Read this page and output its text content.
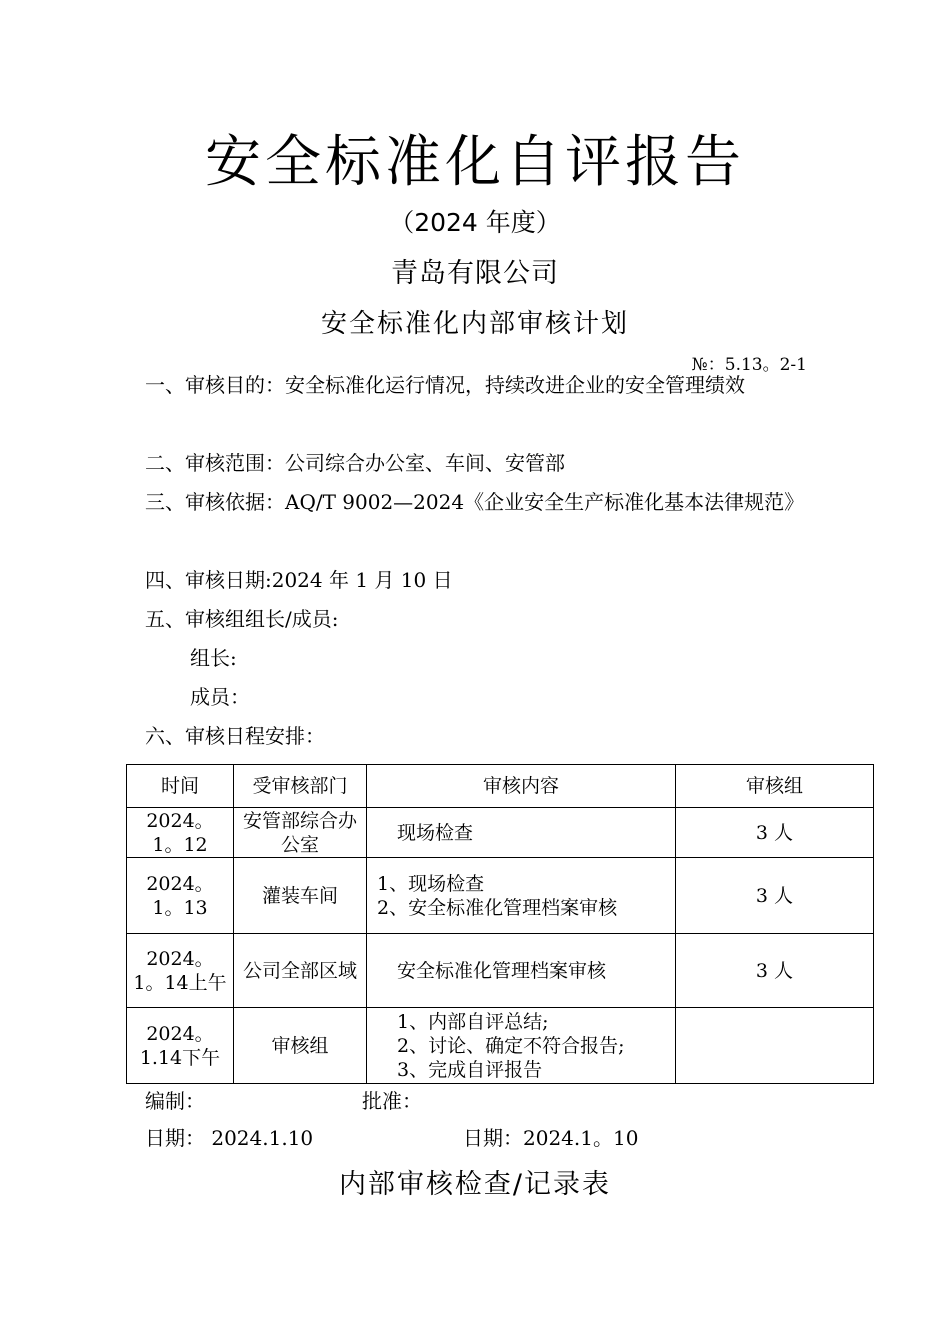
安全标准化自评报告
（2024 年度）
青岛有限公司
安全标准化内部审核计划
№：5.13。2-1
一、审核目的：安全标准化运行情况，持续改进企业的安全管理绩效
二、审核范围：公司综合办公室、车间、安管部
三、审核依据：AQ/T 9002—2024《企业安全生产标准化基本法律规范》
四、审核日期:2024 年 1 月 10 日
五、审核组组长/成员:
组长:
成员：
六、审核日程安排：
时间	受审核部门	审核内容	审核组
2024。1。12	安管部综合办公室	现场检查	3 人
2024。1。13	灌装车间	1、现场检查
2、安全标准化管理档案审核	3 人
2024。1。14上午	公司全部区域	安全标准化管理档案审核	3 人
2024。1.14下午	审核组	1、内部自评总结;
2、讨论、确定不符合报告;
3、完成自评报告	
编制：	批准：
日期： 2024.1.10	日期：2024.1。10
内部审核检查/记录表
